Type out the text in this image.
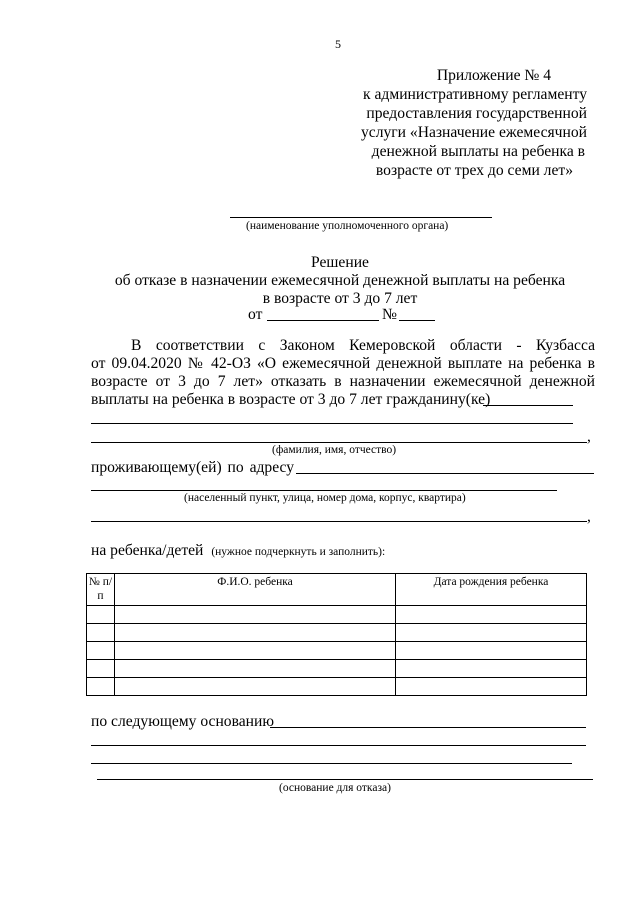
5
Приложение № 4
к административному регламенту
предоставления государственной
услуги «Назначение ежемесячной
денежной выплаты на ребенка в
возрасте от трех до семи лет»
(наименование уполномоченного органа)
Решение
об отказе в назначении ежемесячной денежной выплаты на ребенка
в возрасте от 3 до 7 лет
от	№
В соответствии с Законом Кемеровской области - Кузбасса
от 09.04.2020 № 42-ОЗ «О ежемесячной денежной выплате на ребенка в
возрасте от 3 до 7 лет» отказать в назначении ежемесячной денежной
выплаты на ребенка в возрасте от 3 до 7 лет гражданину(ке)
,
(фамилия, имя, отчество)
проживающему(ей) по адресу
(населенный пункт, улица, номер дома, корпус, квартира)
,
на ребенка/детей (нужное подчеркнуть и заполнить):
№ п/п	Ф.И.О. ребенка	Дата рождения ребенка

по следующему основанию
(основание для отказа)
